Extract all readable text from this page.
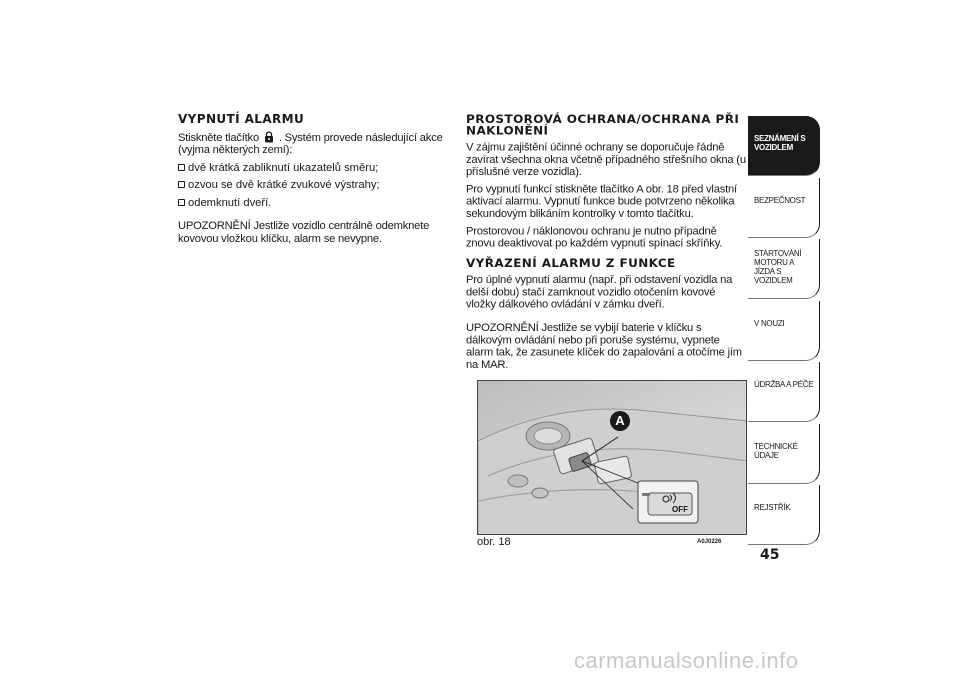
VYPNUTÍ ALARMU

Stiskněte tlačítko . Systém provede následující akce (vyjma některých zemí):

dvě krátká zabliknutí ukazatelů směru;
ozvou se dvě krátké zvukové výstrahy;
odemknutí dveří.

UPOZORNĚNÍ Jestliže vozidlo centrálně odemknete kovovou vložkou klíčku, alarm se nevypne.

PROSTOROVÁ OCHRANA/OCHRANA PŘI NAKLONĚNÍ

V zájmu zajištění účinné ochrany se doporučuje řádně zavírat všechna okna včetně případného střešního okna (u příslušné verze vozidla).

Pro vypnutí funkcí stiskněte tlačítko A obr. 18 před vlastní aktivací alarmu. Vypnutí funkce bude potvrzeno několika sekundovým blikáním kontrolky v tomto tlačítku.

Prostorovou / náklonovou ochranu je nutno případně znovu deaktivovat po každém vypnutí spínací skříňky.

VYŘAZENÍ ALARMU Z FUNKCE

Pro úplné vypnutí alarmu (např. při odstavení vozidla na delší dobu) stačí zamknout vozidlo otočením kovové vložky dálkového ovládání v zámku dveří.

UPOZORNĚNÍ Jestliže se vybijí baterie v klíčku s dálkovým ovládání nebo při poruše systému, vypnete alarm tak, že zasunete klíček do zapalování a otočíme jím na MAR.

A
OFF
obr. 18	A0J0226
SEZNÁMENÍ S VOZIDLEM
BEZPEČNOST
STARTOVÁNÍ MOTORU A JÍZDA S VOZIDLEM
V NOUZI
ÚDRŽBA A PÉČE
TECHNICKÉ ÚDAJE
REJSTŘÍK
45
carmanualsonline.info
